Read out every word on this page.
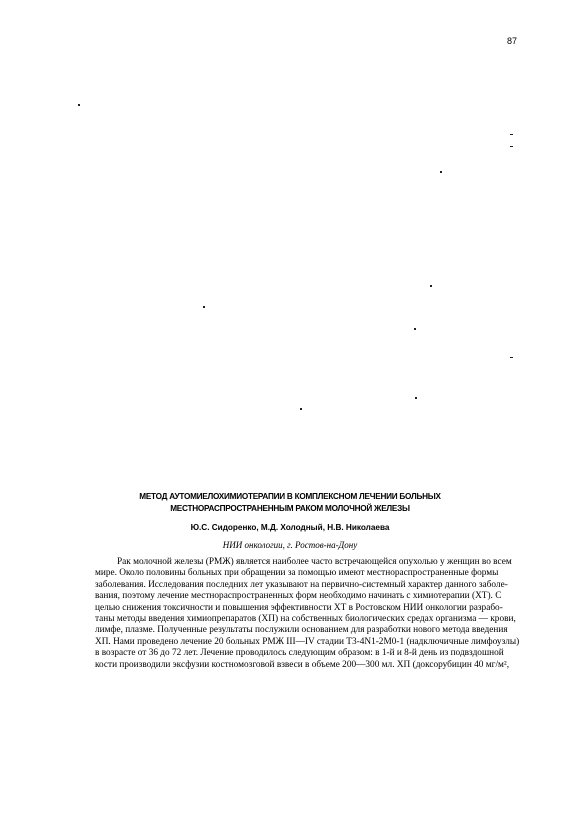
87
МЕТОД АУТОМИЕЛОХИМИОТЕРАПИИ В КОМПЛЕКСНОМ ЛЕЧЕНИИ БОЛЬНЫХ
МЕСТНОРАСПРОСТРАНЕННЫМ РАКОМ МОЛОЧНОЙ ЖЕЛЕЗЫ

Ю.С. Сидоренко, М.Д. Холодный, Н.В. Николаева

НИИ онкологии, г. Ростов-на-Дону

Рак молочной железы (РМЖ) является наиболее часто встречающейся опухолью у женщин во всем
мире. Около половины больных при обращении за помощью имеют местнораспространенные формы
заболевания. Исследования последних лет указывают на первично-системный характер данного заболе-
вания, поэтому лечение местнораспространенных форм необходимо начинать с химиотерапии (ХТ). С
целью снижения токсичности и повышения эффективности ХТ в Ростовском НИИ онкологии разрабо-
таны методы введения химиопрепаратов (ХП) на собственных биологических средах организма — крови,
лимфе, плазме. Полученные результаты послужили основанием для разработки нового метода введения
ХП. Нами проведено лечение 20 больных РМЖ III—IV стадии Т3-4N1-2М0-1 (надключичные лимфоузлы)
в возрасте от 36 до 72 лет. Лечение проводилось следующим образом: в 1-й и 8-й день из подвздошной
кости производили эксфузии костномозговой взвеси в объеме 200—300 мл. ХП (доксорубицин 40 мг/м²,
